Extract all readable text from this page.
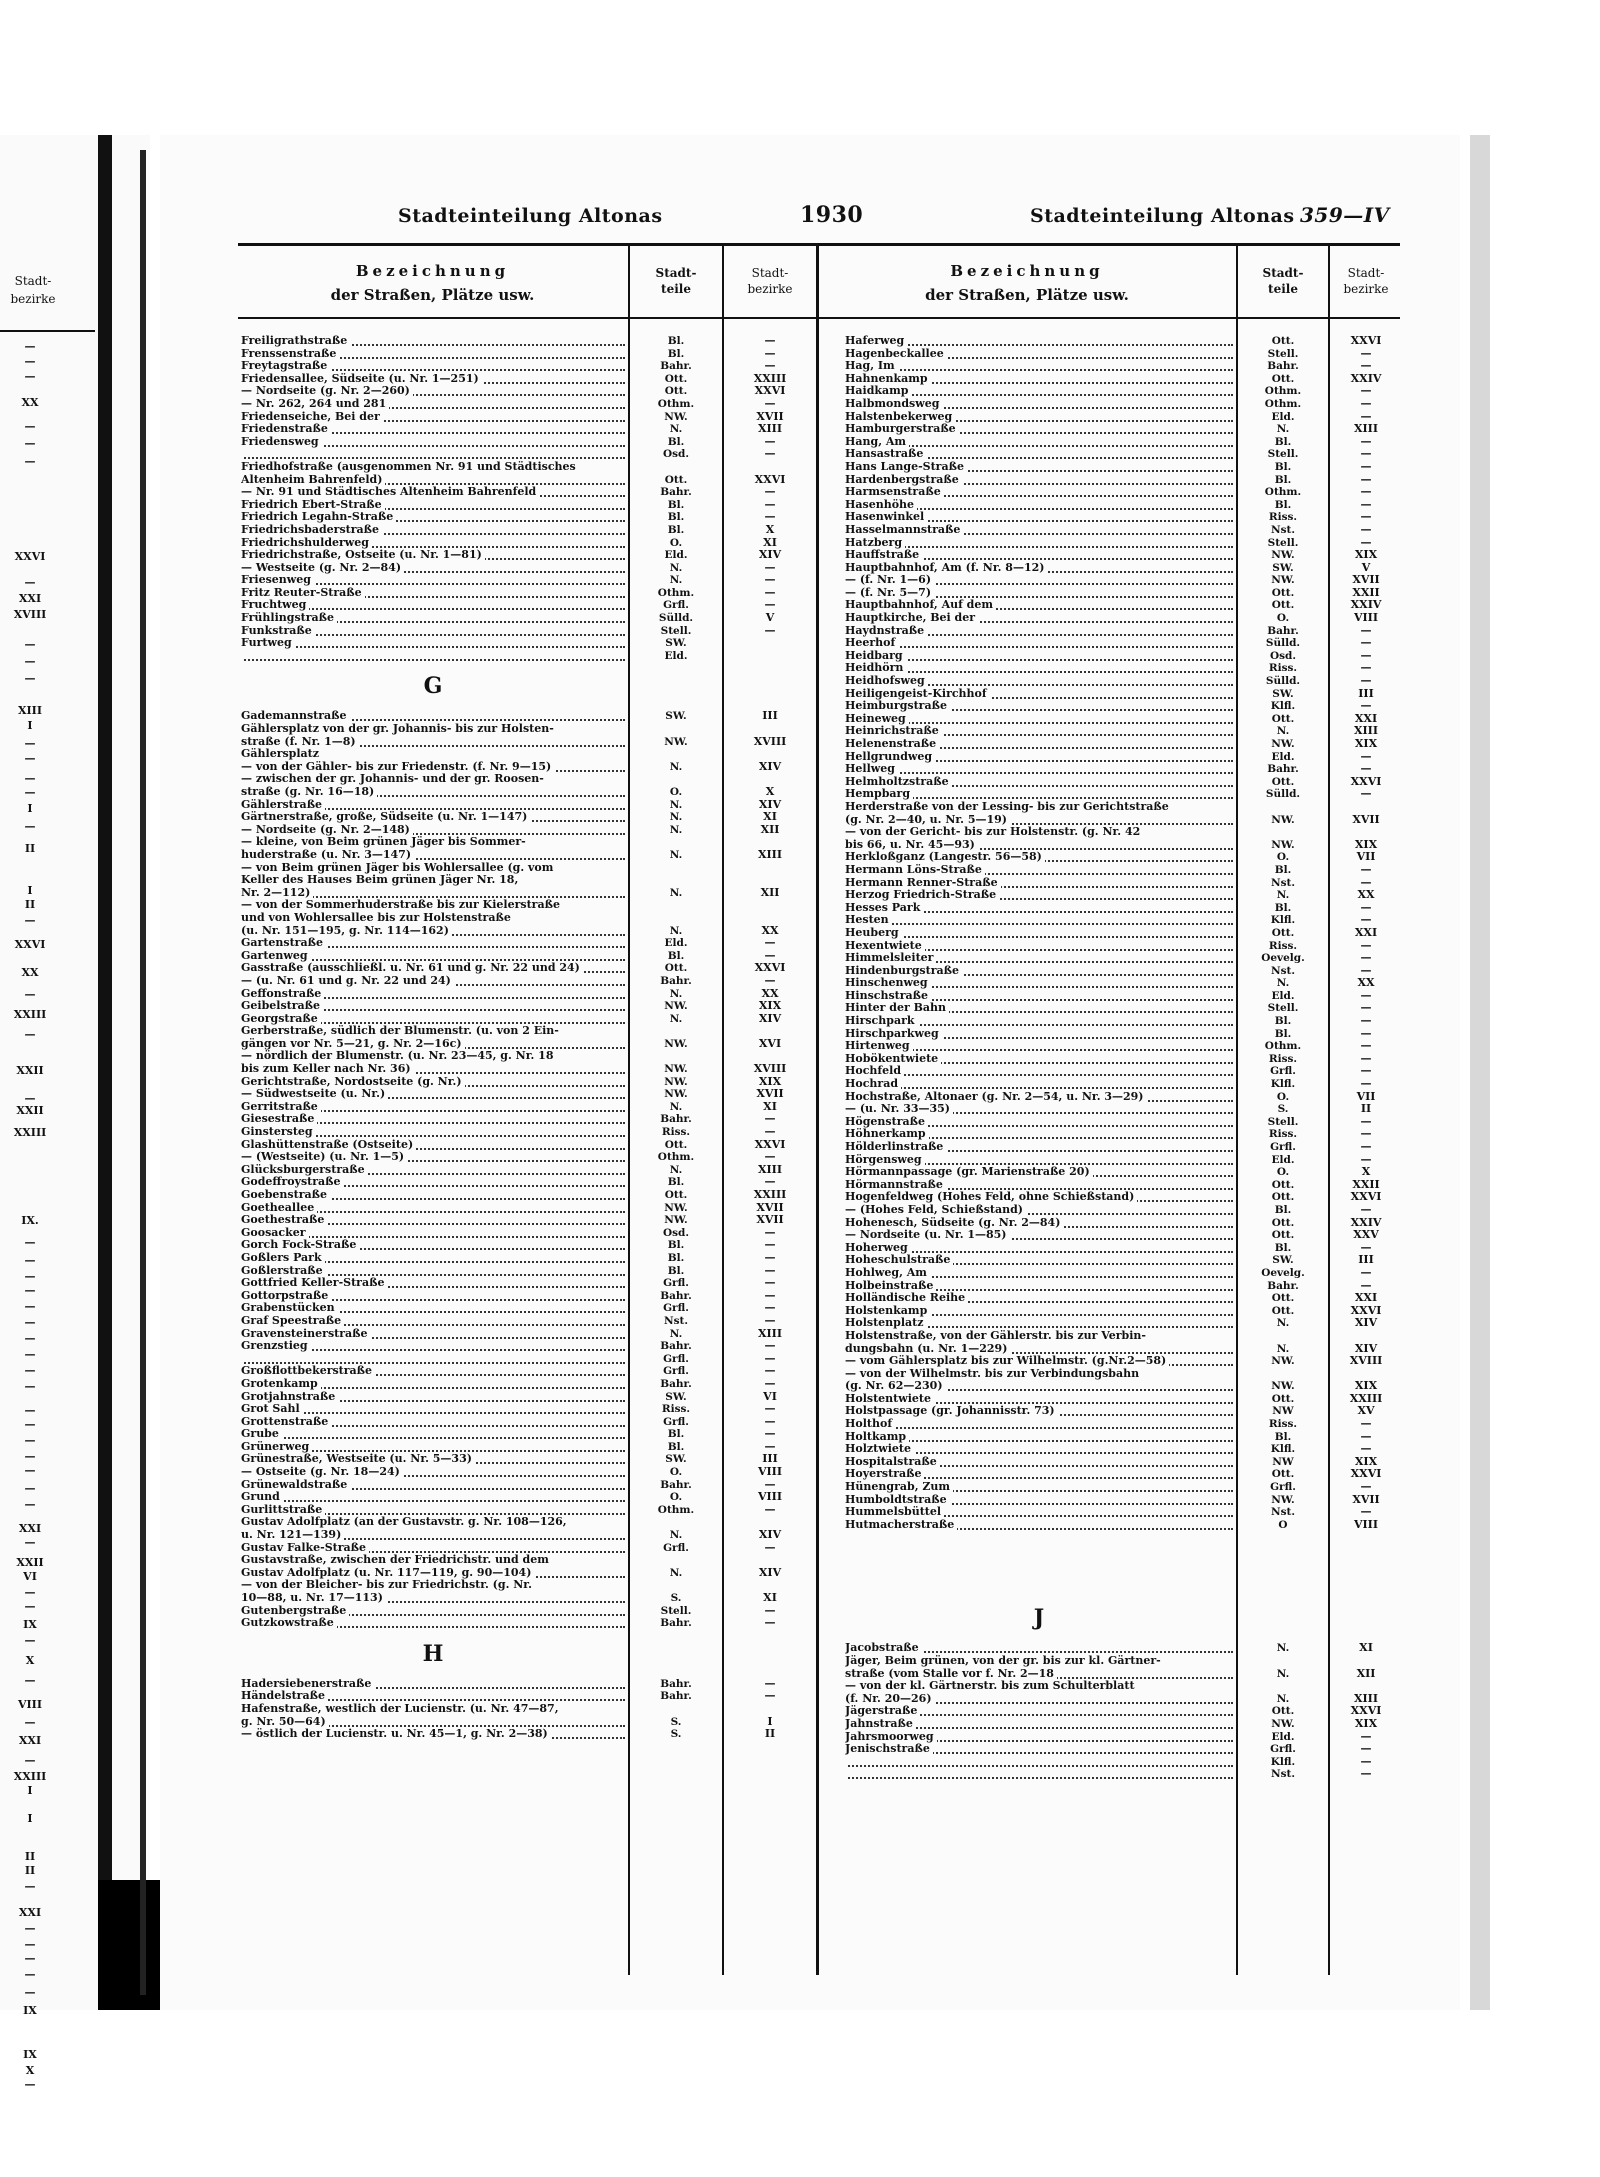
Stadt-
bezirke
—
—
—
XX
—
—
—
XXVI
—
XXI
XVIII
—
—
—
XIII
I
—
—
—
—
I
—
II
I
II
—
XXVI
XX
—
XXIII
—
XXII
—
XXII
XXIII
IX.
—
—
—
—
—
—
—
—
—
—
—
—
—
—
—
—
—
XXI
—
XXII
VI
—
—
IX
—
X
—
VIII
—
XXI
—
XXIII
I
I
II
II
—
XXI
—
—
—
—
—
IX
IX
X
—
Stadteinteilung Altonas	1930	Stadteinteilung Altonas 359—IV
Bezeichnung
der Straßen, Plätze usw.
Stadt-
teile
Stadt-
bezirke
Bezeichnung
der Straßen, Plätze usw.
Stadt-
teile
Stadt-
bezirke
Freiligrathstraße
Frenssenstraße
Freytagstraße
Friedensallee, Südseite (u. Nr. 1—251)
— Nordseite (g. Nr. 2—260)
— Nr. 262, 264 und 281
Friedenseiche, Bei der
Friedenstraße
Friedensweg
Friedhofstraße (ausgenommen Nr. 91 und Städtisches
Altenheim Bahrenfeld)
— Nr. 91 und Städtisches Altenheim Bahrenfeld
Friedrich Ebert-Straße
Friedrich Legahn-Straße
Friedrichsbaderstraße
Friedrichshulderweg
Friedrichstraße, Ostseite (u. Nr. 1—81)
— Westseite (g. Nr. 2—84)
Friesenweg
Fritz Reuter-Straße
Fruchtweg
Frühlingstraße
Funkstraße
Furtweg
G
Gademannstraße
Gählersplatz von der gr. Johannis- bis zur Holsten-
straße (f. Nr. 1—8)
Gählersplatz
— von der Gähler- bis zur Friedenstr. (f. Nr. 9—15)
— zwischen der gr. Johannis- und der gr. Roosen-
straße (g. Nr. 16—18)
Gählerstraße
Gärtnerstraße, große, Südseite (u. Nr. 1—147)
— Nordseite (g. Nr. 2—148)
— kleine, von Beim grünen Jäger bis Sommer-
huderstraße (u. Nr. 3—147)
— von Beim grünen Jäger bis Wohlersallee (g. vom
Keller des Hauses Beim grünen Jäger Nr. 18,
Nr. 2—112)
— von der Sommerhuderstraße bis zur Kielerstraße
und von Wohlersallee bis zur Holstenstraße
(u. Nr. 151—195, g. Nr. 114—162)
Gartenstraße
Gartenweg
Gasstraße (ausschließl. u. Nr. 61 und g. Nr. 22 und 24)
— (u. Nr. 61 und g. Nr. 22 und 24)
Geffonstraße
Geibelstraße
Georgstraße
Gerberstraße, südlich der Blumenstr. (u. von 2 Ein-
gängen vor Nr. 5—21, g. Nr. 2—16c)
— nördlich der Blumenstr. (u. Nr. 23—45, g. Nr. 18
bis zum Keller nach Nr. 36)
Gerichtstraße, Nordostseite (g. Nr.)
— Südwestseite (u. Nr.)
Gerritstraße
Giesestraße
Ginstersteg
Glashüttenstraße (Ostseite)
— (Westseite) (u. Nr. 1—5)
Glücksburgerstraße
Godeffroystraße
Goebenstraße
Goetheallee
Goethestraße
Goosacker
Gorch Fock-Straße
Goßlers Park
Goßlerstraße
Gottfried Keller-Straße
Gottorpstraße
Grabenstücken
Graf Speestraße
Gravensteinerstraße
Grenzstieg
Großflottbekerstraße
Grotenkamp
Grotjahnstraße
Grot Sahl
Grottenstraße
Grube
Grünerweg
Grünestraße, Westseite (u. Nr. 5—33)
— Ostseite (g. Nr. 18—24)
Grünewaldstraße
Grund
Gurlittstraße
Gustav Adolfplatz (an der Gustavstr. g. Nr. 108—126,
u. Nr. 121—139)
Gustav Falke-Straße
Gustavstraße, zwischen der Friedrichstr. und dem
Gustav Adolfplatz (u. Nr. 117—119, g. 90—104)
— von der Bleicher- bis zur Friedrichstr. (g. Nr.
10—88, u. Nr. 17—113)
Gutenbergstraße
Gutzkowstraße
H
Hadersiebenerstraße
Händelstraße
Hafenstraße, westlich der Lucienstr. (u. Nr. 47—87,
g. Nr. 50—64)
— östlich der Lucienstr. u. Nr. 45—1, g. Nr. 2—38)
Bl.
Bl.
Bahr.
Ott.
Ott.
Othm.
NW.
N.
Bl.
Osd.
Ott.
Bahr.
Bl.
Bl.
Bl.
O.
Eld.
N.
N.
Othm.
Grfl.
Sülld.
Stell.
SW.
Eld.
SW.
NW.
N.
O.
N.
N.
N.
N.
N.
N.
Eld.
Bl.
Ott.
Bahr.
N.
NW.
N.
NW.
NW.
NW.
NW.
N.
Bahr.
Riss.
Ott.
Othm.
N.
Bl.
Ott.
NW.
NW.
Osd.
Bl.
Bl.
Bl.
Grfl.
Bahr.
Grfl.
Nst.
N.
Bahr.
Grfl.
Grfl.
Bahr.
SW.
Riss.
Grfl.
Bl.
Bl.
SW.
O.
Bahr.
O.
Othm.
N.
Grfl.
N.
S.
Stell.
Bahr.
Bahr.
Bahr.
S.
S.
—
—
—
XXIII
XXVI
—
XVII
XIII
—
—
XXVI
—
—
—
X
XI
XIV
—
—
—
—
V
—
III
XVIII
XIV
X
XIV
XI
XII
XIII
XII
XX
—
—
XXVI
—
XX
XIX
XIV
XVI
XVIII
XIX
XVII
XI
—
—
XXVI
—
XIII
—
XXIII
XVII
XVII
—
—
—
—
—
—
—
—
XIII
—
—
—
—
VI
—
—
—
—
III
VIII
—
VIII
—
XIV
—
XIV
XI
—
—
—
—
I
II
Haferweg
Hagenbeckallee
Hag, Im
Hahnenkamp
Haidkamp
Halbmondsweg
Halstenbekerweg
Hamburgerstraße
Hang, Am
Hansastraße
Hans Lange-Straße
Hardenbergstraße
Harmsenstraße
Hasenhöhe
Hasenwinkel
Hasselmannstraße
Hatzberg
Hauffstraße
Hauptbahnhof, Am (f. Nr. 8—12)
— (f. Nr. 1—6)
— (f. Nr. 5—7)
Hauptbahnhof, Auf dem
Hauptkirche, Bei der
Haydnstraße
Heerhof
Heidbarg
Heidhörn
Heidhofsweg
Heiligengeist-Kirchhof
Heimburgstraße
Heineweg
Heinrichstraße
Helenenstraße
Hellgrundweg
Hellweg
Helmholtzstraße
Hempbarg
Herderstraße von der Lessing- bis zur Gerichtstraße
(g. Nr. 2—40, u. Nr. 5—19)
— von der Gericht- bis zur Holstenstr. (g. Nr. 42
bis 66, u. Nr. 45—93)
Herkloßganz (Langestr. 56—58)
Hermann Löns-Straße
Hermann Renner-Straße
Herzog Friedrich-Straße
Hesses Park
Hesten
Heuberg
Hexentwiete
Himmelsleiter
Hindenburgstraße
Hinschenweg
Hinschstraße
Hinter der Bahn
Hirschpark
Hirschparkweg
Hirtenweg
Hobökentwiete
Hochfeld
Hochrad
Hochstraße, Altonaer (g. Nr. 2—54, u. Nr. 3—29)
— (u. Nr. 33—35)
Högenstraße
Höhnerkamp
Hölderlinstraße
Hörgensweg
Hörmannpassage (gr. Marienstraße 20)
Hörmannstraße
Hogenfeldweg (Hohes Feld, ohne Schießstand)
— (Hohes Feld, Schießstand)
Hohenesch, Südseite (g. Nr. 2—84)
— Nordseite (u. Nr. 1—85)
Hoherweg
Hoheschulstraße
Hohlweg, Am
Holbeinstraße
Holländische Reihe
Holstenkamp
Holstenplatz
Holstenstraße, von der Gählerstr. bis zur Verbin-
dungsbahn (u. Nr. 1—229)
— vom Gählersplatz bis zur Wilhelmstr. (g.Nr.2—58)
— von der Wilhelmstr. bis zur Verbindungsbahn
(g. Nr. 62—230)
Holstentwiete
Holstpassage (gr. Johannisstr. 73)
Holthof
Holtkamp
Holztwiete
Hospitalstraße
Hoyerstraße
Hünengrab, Zum
Humboldtstraße
Hummelsbüttel
Hutmacherstraße
J
Jacobstraße
Jäger, Beim grünen, von der gr. bis zur kl. Gärtner-
straße (vom Stalle vor f. Nr. 2—18
— von der kl. Gärtnerstr. bis zum Schulterblatt
(f. Nr. 20—26)
Jägerstraße
Jahnstraße
Jahrsmoorweg
Jenischstraße
Ott.
Stell.
Bahr.
Ott.
Othm.
Othm.
Eld.
N.
Bl.
Stell.
Bl.
Bl.
Othm.
Bl.
Riss.
Nst.
Stell.
NW.
SW.
NW.
Ott.
Ott.
O.
Bahr.
Sülld.
Osd.
Riss.
Sülld.
SW.
Klfl.
Ott.
N.
NW.
Eld.
Bahr.
Ott.
Sülld.
NW.
NW.
O.
Bl.
Nst.
N.
Bl.
Klfl.
Ott.
Riss.
Oevelg.
Nst.
N.
Eld.
Stell.
Bl.
Bl.
Othm.
Riss.
Grfl.
Klfl.
O.
S.
Stell.
Riss.
Grfl.
Eld.
O.
Ott.
Ott.
Bl.
Ott.
Ott.
Bl.
SW.
Oevelg.
Bahr.
Ott.
Ott.
N.
N.
NW.
NW.
Ott.
NW
Riss.
Bl.
Klfl.
NW
Ott.
Grfl.
NW.
Nst.
O
N.
N.
N.
Ott.
NW.
Eld.
Grfl.
Klfl.
Nst.
XXVI
—
—
XXIV
—
—
—
XIII
—
—
—
—
—
—
—
—
—
XIX
V
XVII
XXII
XXIV
VIII
—
—
—
—
—
III
—
XXI
XIII
XIX
—
—
XXVI
—
XVII
XIX
VII
—
—
XX
—
—
XXI
—
—
—
XX
—
—
—
—
—
—
—
—
VII
II
—
—
—
—
X
XXII
XXVI
—
XXIV
XXV
—
III
—
—
XXI
XXVI
XIV
XIV
XVIII
XIX
XXIII
XV
—
—
—
XIX
XXVI
—
XVII
—
VIII
XI
XII
XIII
XXVI
XIX
—
—
—
—
